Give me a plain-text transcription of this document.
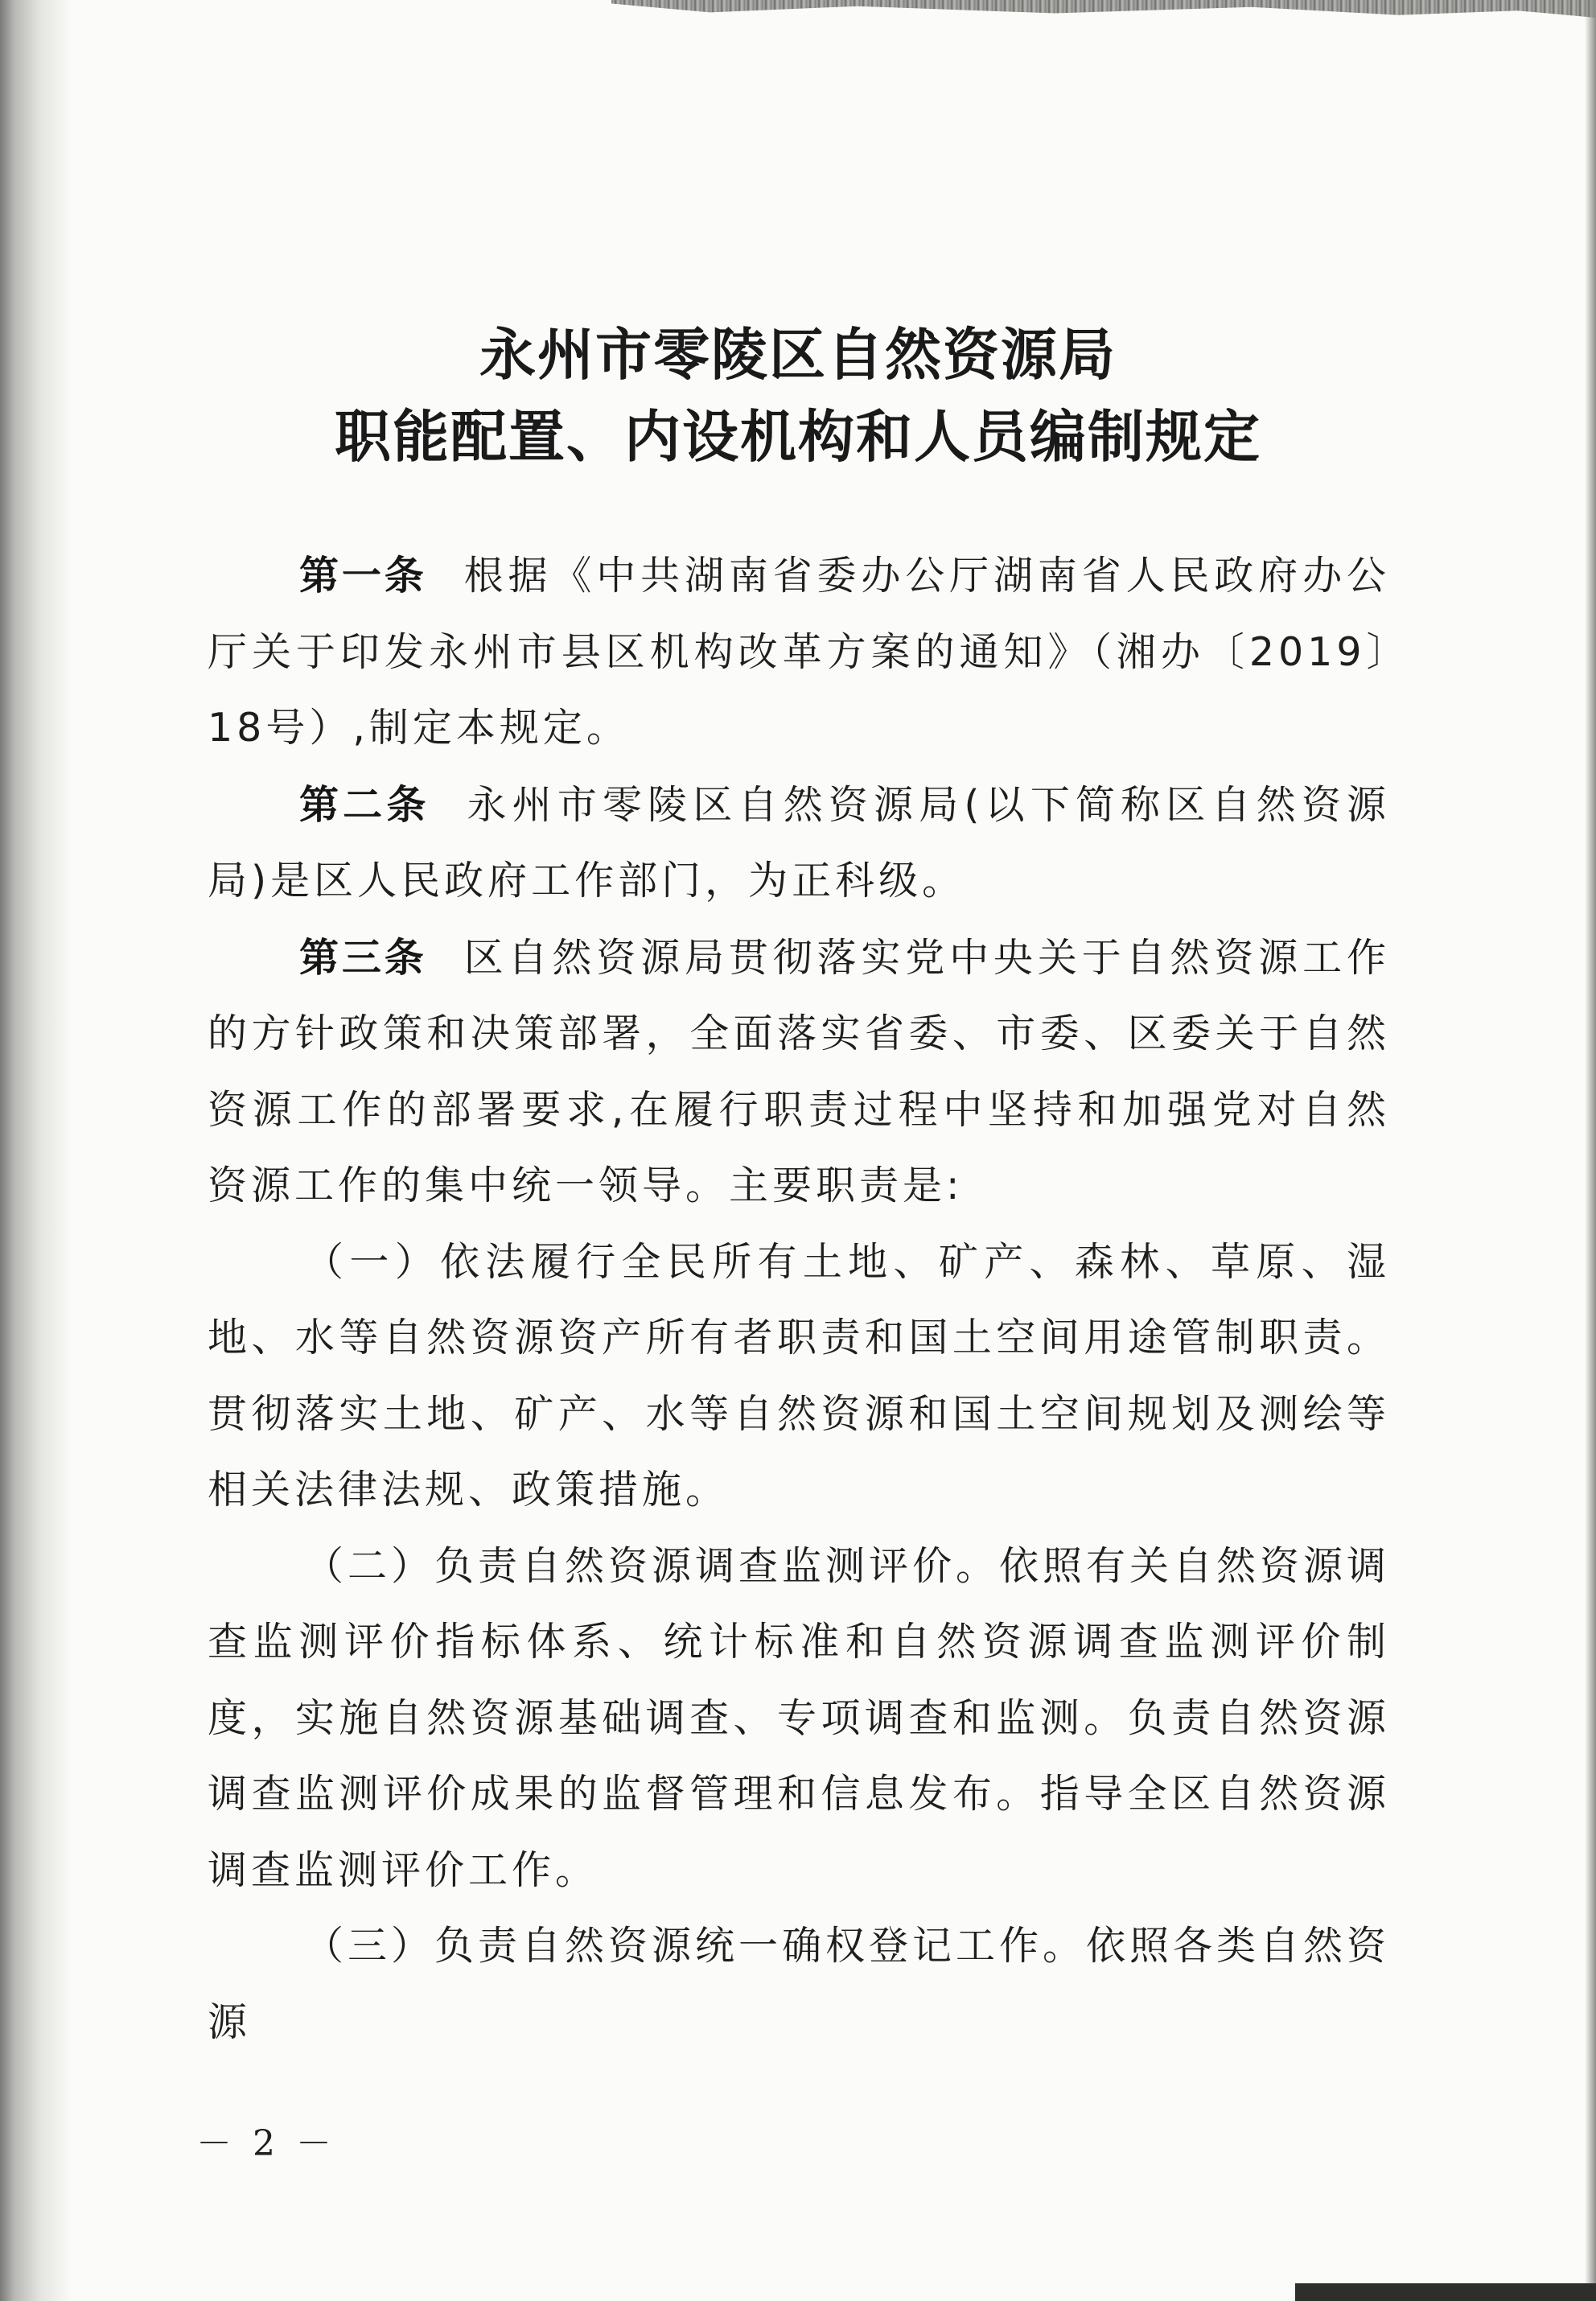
永州市零陵区自然资源局
职能配置、内设机构和人员编制规定

第一条 根据《中共湖南省委办公厅湖南省人民政府办公厅关于印发永州市县区机构改革方案的通知》（湘办〔2019〕18号）,制定本规定。

第二条 永州市零陵区自然资源局(以下简称区自然资源局)是区人民政府工作部门，为正科级。

第三条 区自然资源局贯彻落实党中央关于自然资源工作的方针政策和决策部署，全面落实省委、市委、区委关于自然资源工作的部署要求,在履行职责过程中坚持和加强党对自然资源工作的集中统一领导。主要职责是:

（一）依法履行全民所有土地、矿产、森林、草原、湿地、水等自然资源资产所有者职责和国土空间用途管制职责。贯彻落实土地、矿产、水等自然资源和国土空间规划及测绘等相关法律法规、政策措施。

（二）负责自然资源调查监测评价。依照有关自然资源调查监测评价指标体系、统计标准和自然资源调查监测评价制度，实施自然资源基础调查、专项调查和监测。负责自然资源调查监测评价成果的监督管理和信息发布。指导全区自然资源调查监测评价工作。

（三）负责自然资源统一确权登记工作。依照各类自然资源

－ 2 －
